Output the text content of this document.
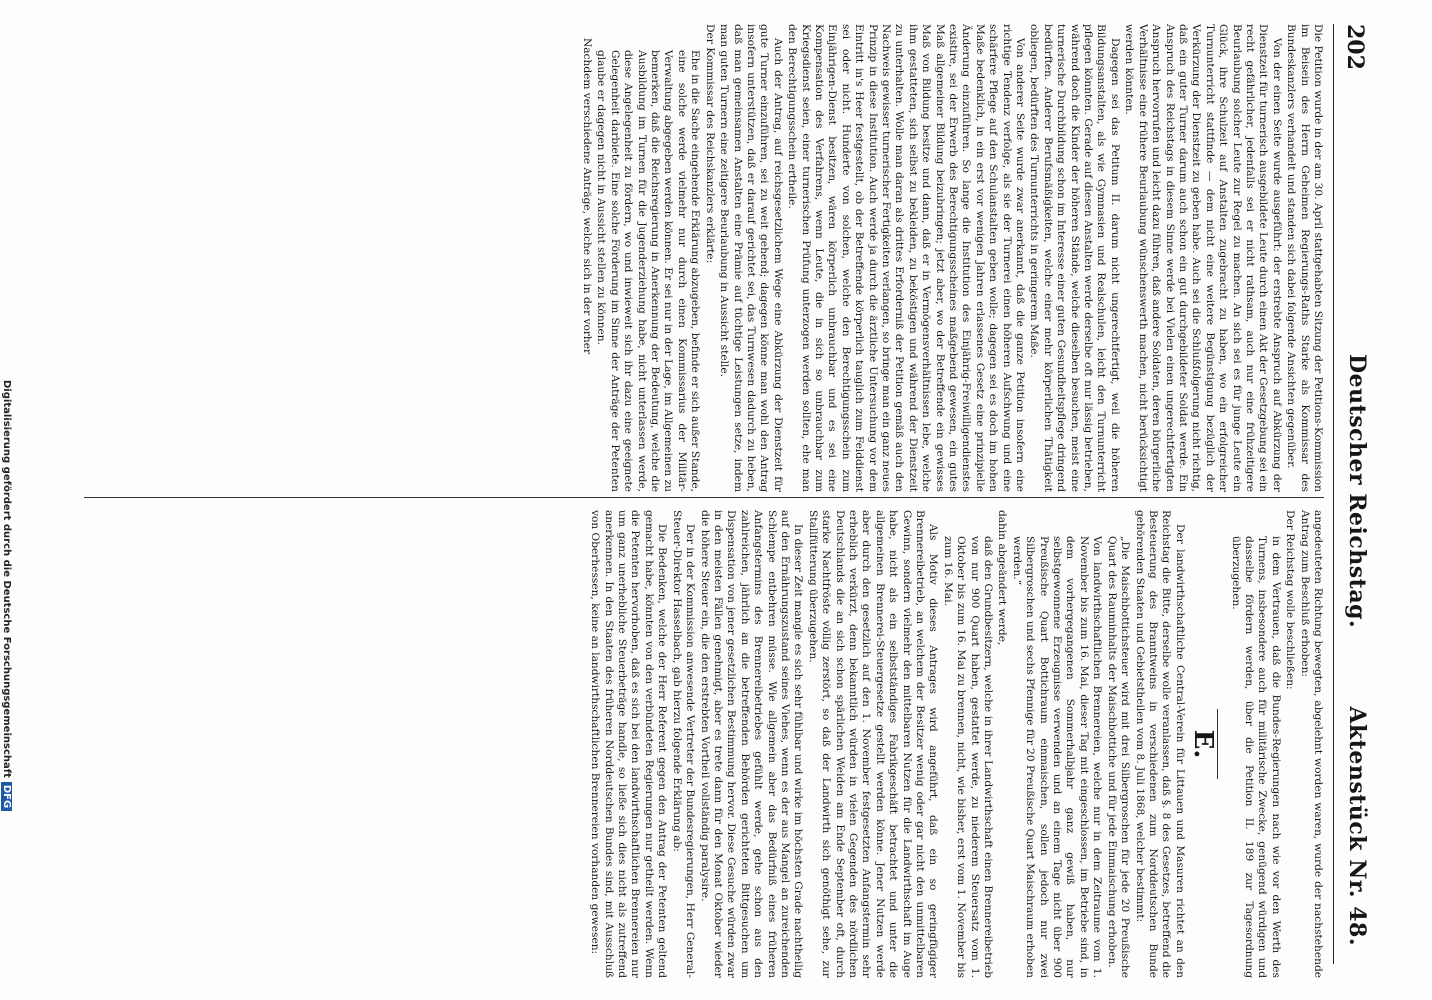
202
Deutscher Reichstag.
Aktenstück Nr. 48.

Die Petition wurde in der am 30. April stattgehabten Sitzung der Petitions-Kommission im Beisein des Herrn Geheimen Regierungs-Raths Starke als Kommissar des Bundeskanzlers verhandelt und standen sich dabei folgende Ansichten gegenüber.

Von der einen Seite wurde ausgeführt: der erstrebte Anspruch auf Abkürzung der Dienstzeit für turnerisch ausgebildete Leute durch einen Akt der Gesetzgebung sei ein recht gefährlicher, jedenfalls sei er nicht rathsam, auch nur eine frühzeitigere Beurlaubung solcher Leute zur Regel zu machen. An sich sei es für junge Leute ein Glück, ihre Schulzeit auf Anstalten zugebracht zu haben, wo ein erfolgreicher Turnunterricht stattfinde — dem nicht eine weitere Begünstigung bezüglich der Verkürzung der Dienstzeit zu geben habe. Auch sei die Schlußfolgerung nicht richtig, daß ein guter Turner darum auch schon ein gut durchgebildeter Soldat werde. Ein Anspruch des Reichstags in diesem Sinne werde bei Vielen einen ungerechtfertigten Anspruch hervorrufen und leicht dazu führen, daß andere Soldaten, deren bürgerliche Verhältnisse eine frühere Beurlaubung wünschenswerth machen, nicht berücksichtigt werden könnten.

Dagegen sei das Petitum II. darum nicht ungerechtfertigt, weil die höheren Bildungsanstalten, als wie Gymnasien und Realschulen, leicht den Turnunterricht pflegen könnten. Gerade auf diesen Anstalten werde derselbe oft nur lässig betrieben, während doch die Kinder der höheren Stände, welche dieselben besuchen, meist eine turnerische Durchbildung schon im Interesse einer guten Gesundheitspflege dringend bedürften. Anderer Berufsmäßigkeiten, welche einer mehr körperlichen Thätigkeit obliegen, bedürften des Turnunterrichts in geringerem Maße.

Von anderer Seite wurde zwar anerkannt, daß die ganze Petition insofern eine richtige Tendenz verfolge, als sie der Turnerei einen höheren Aufschwung und eine schärfere Pflege auf den Schulanstalten geben wolle; dagegen sei es doch im hohen Maße bedenklich, in ein erst vor wenigen Jahren erlassenes Gesetz eine prinzipielle Änderung einzuführen. So lange die Institution des Einjährig-Freiwilligendienstes existire, sei der Erwerb des Berechtigungsscheines maßgebend gewesen, ein gutes Maß allgemeiner Bildung beizubringen; jetzt aber, wo der Betreffende ein gewisses Maß von Bildung besitze und dann, daß er in Vermögensverhältnissen lebe, welche ihm gestatteten, sich selbst zu bekleiden, zu beköstigen und während der Dienstzeit zu unterhalten. Wolle man daran als drittes Erforderniß der Petition gemäß auch den Nachweis gewisser turnerischer Fertigkeiten verlangen, so bringe man ein ganz neues Prinzip in diese Institution. Auch werde ja durch die ärztliche Untersuchung vor dem Eintritt in's Heer festgestellt, ob der Betreffende körperlich tauglich zum Felddienst sei oder nicht. Hunderte von solchen, welche den Berechtigungsschein zum Einjährigen-Dienst besitzen, wären körperlich unbrauchbar und es sei eine Kompensation des Verfahrens, wenn Leute, die in sich so unbrauchbar zum Kriegsdienst seien, einer turnerischen Prüfung unterzogen werden sollten, ehe man den Berechtigungsschein ertheile.

Auch der Antrag, auf reichsgesetzlichem Wege eine Abkürzung der Dienstzeit für gute Turner einzuführen, sei zu weit gehend; dagegen könne man wohl den Antrag insofern unterstützen, daß er darauf gerichtet sei, das Turnwesen dadurch zu heben, daß man gemeinsamen Anstalten eine Prämie auf tüchtige Leistungen setze, indem man guten Turnern eine zeitigere Beurlaubung in Aussicht stelle.

Der Kommissar des Reichskanzlers erklärte:

Ehe in die Sache eingehende Erklärung abzugeben, befinde er sich außer Stande, eine solche werde vielmehr nur durch einen Kommissarius der Militär-Verwaltung abgegeben werden können. Er sei nur in der Lage, im Allgemeinen zu bemerken, daß die Reichsregierung in Anerkennung der Bedeutung, welche die Ausbildung im Turnen für die Jugenderziehung habe, nicht unterlassen werde, diese Angelegenheit zu fördern, wo und inwieweit sich ihr dazu eine geeignete Gelegenheit darbiete. Eine solche Förderung im Sinne der Anträge der Petenten glaube er dagegen nicht in Aussicht stellen zu können.

Nachdem verschiedene Anträge, welche sich in der vorher

angedeuteten Richtung bewegten, abgelehnt worden waren, wurde der nachstehende Antrag zum Beschluß erhoben:

Der Reichstag wolle beschließen:

in dem Vertrauen, daß die Bundes-Regierungen nach wie vor den Werth des Turnens, insbesondere auch für militärische Zwecke, genügend würdigen und dasselbe fördern werden, über die Petition II. 189 zur Tagesordnung überzugehen.

E.

Der landwirthschaftliche Central-Verein für Littauen und Masuren richtet an den Reichstag die Bitte, derselbe wolle veranlassen, daß §. 8 des Gesetzes, betreffend die Besteuerung des Branntweins in verschiedenen zum Norddeutschen Bunde gehörenden Staaten und Gebietstheilen vom 8. Juli 1868, welcher bestimmt:

„Die Maischbottichsteuer wird mit drei Silbergroschen für jede 20 Preußische Quart des Rauminhalts der Maischbottiche und für jede Einmaischung erhoben.

Von landwirthschaftlichen Brennereien, welche nur in dem Zeitraume vom 1. November bis zum 16. Mai, dieser Tag mit eingeschlossen, im Betriebe sind, in dem vorhergegangenen Sommerhalbjahr ganz gewiß haben, nur selbstgewonnene Erzeugnisse verwenden und an einem Tage nicht über 900 Preußische Quart Bottichraum einmaischen, sollen jedoch nur zwei Silbergroschen und sechs Pfennige für 20 Preußische Quart Maischraum erhoben werden.“

dahin abgeändert werde,

daß den Grundbesitzern, welche in ihrer Landwirthschaft einen Brennereibetrieb von nur 900 Quart haben, gestattet werde, zu niederem Steuersatz vom 1. Oktober bis zum 16. Mai zu brennen, nicht, wie bisher, erst vom 1. November bis zum 16. Mai.

Als Motiv dieses Antrages wird angeführt, daß ein so geringfügiger Brennereibetrieb, an welchem der Besitzer wenig oder gar nicht den unmittelbaren Gewinn, sondern vielmehr den mittelbaren Nutzen für die Landwirthschaft im Auge habe, nicht als ein selbstständiges Fabrikgeschäft betrachtet und unter die allgemeinen Brennerei-Steuergesetze gestellt werden könne. Jener Nutzen werde aber durch den gesetzlich auf den 1. November festgesetzten Anfangstermin sehr erheblich verkürzt, denn bekanntlich würden in vielen Gegenden des nördlichen Deutschlands die an sich schon spärlichen Weiden am Ende September oft, durch starke Nachtfröste völlig zerstört, so daß der Landwirth sich genöthigt sehe, zur Stallfütterung überzugehen.

In dieser Zeit mangle es sich sehr fühlbar und wirke im höchsten Grade nachtheilig auf den Ernährungszustand seines Viehes, wenn es der aus Mangel an zureichenden Schlempe entbehren müsse. Wie allgemein aber das Bedürfniß eines früheren Anfangstermins des Brennereibetriebes gefühlt werde, gehe schon aus den zahlreichen, jährlich an die betreffenden Behörden gerichteten Bittgesuchen um Dispensation von jener gesetzlichen Bestimmung hervor. Diese Gesuche würden zwar in den meisten Fällen genehmigt, aber es trete dann für den Monat Oktober wieder die höhere Steuer ein, die den erstrebten Vortheil vollständig paralysire.

Der in der Kommission anwesende Vertreter der Bundesregierungen, Herr General-Steuer-Direktor Hasselbach, gab hierzu folgende Erklärung ab:

Die Bedenken, welche der Herr Referent gegen den Antrag der Petenten geltend gemacht habe, könnten von den verbündeten Regierungen nur getheilt werden. Wenn die Petenten hervorhoben, daß es sich bei den landwirthschaftlichen Brennereien nur um ganz unerhebliche Steuerbeträge handle, so ließe sich dies nicht als zutreffend anerkennen. In den Staaten des früheren Norddeutschen Bundes sind, mit Ausschluß von Oberhessen, keine an landwirthschaftlichen Brennereien vorhanden gewesen:

Digitalisierung gefördert durch die Deutsche ForschungsgemeinschaftDFG
